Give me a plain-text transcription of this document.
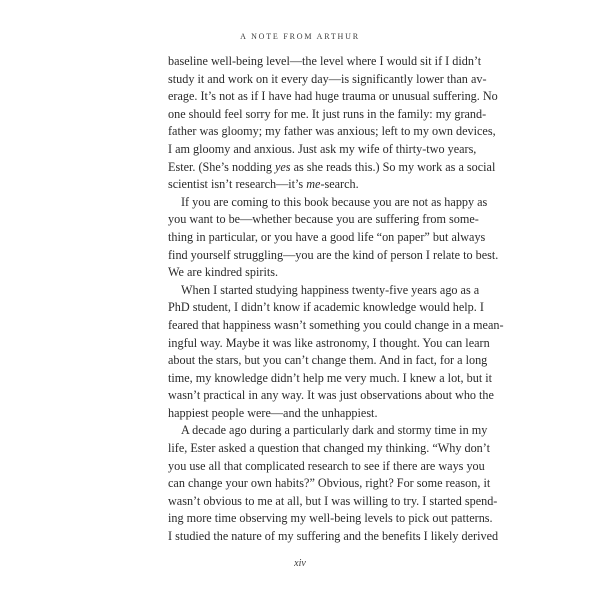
A NOTE FROM ARTHUR
baseline well-being level—the level where I would sit if I didn’t
study it and work on it every day—is significantly lower than av-
erage. It’s not as if I have had huge trauma or unusual suffering. No
one should feel sorry for me. It just runs in the family: my grand-
father was gloomy; my father was anxious; left to my own devices,
I am gloomy and anxious. Just ask my wife of thirty-two years,
Ester. (She’s nodding yes as she reads this.) So my work as a social
scientist isn’t research—it’s me-search.
If you are coming to this book because you are not as happy as
you want to be—whether because you are suffering from some-
thing in particular, or you have a good life “on paper” but always
find yourself struggling—you are the kind of person I relate to best.
We are kindred spirits.
When I started studying happiness twenty-five years ago as a
PhD student, I didn’t know if academic knowledge would help. I
feared that happiness wasn’t something you could change in a mean-
ingful way. Maybe it was like astronomy, I thought. You can learn
about the stars, but you can’t change them. And in fact, for a long
time, my knowledge didn’t help me very much. I knew a lot, but it
wasn’t practical in any way. It was just observations about who the
happiest people were—and the unhappiest.
A decade ago during a particularly dark and stormy time in my
life, Ester asked a question that changed my thinking. “Why don’t
you use all that complicated research to see if there are ways you
can change your own habits?” Obvious, right? For some reason, it
wasn’t obvious to me at all, but I was willing to try. I started spend-
ing more time observing my well-being levels to pick out patterns.
I studied the nature of my suffering and the benefits I likely derived
xiv
